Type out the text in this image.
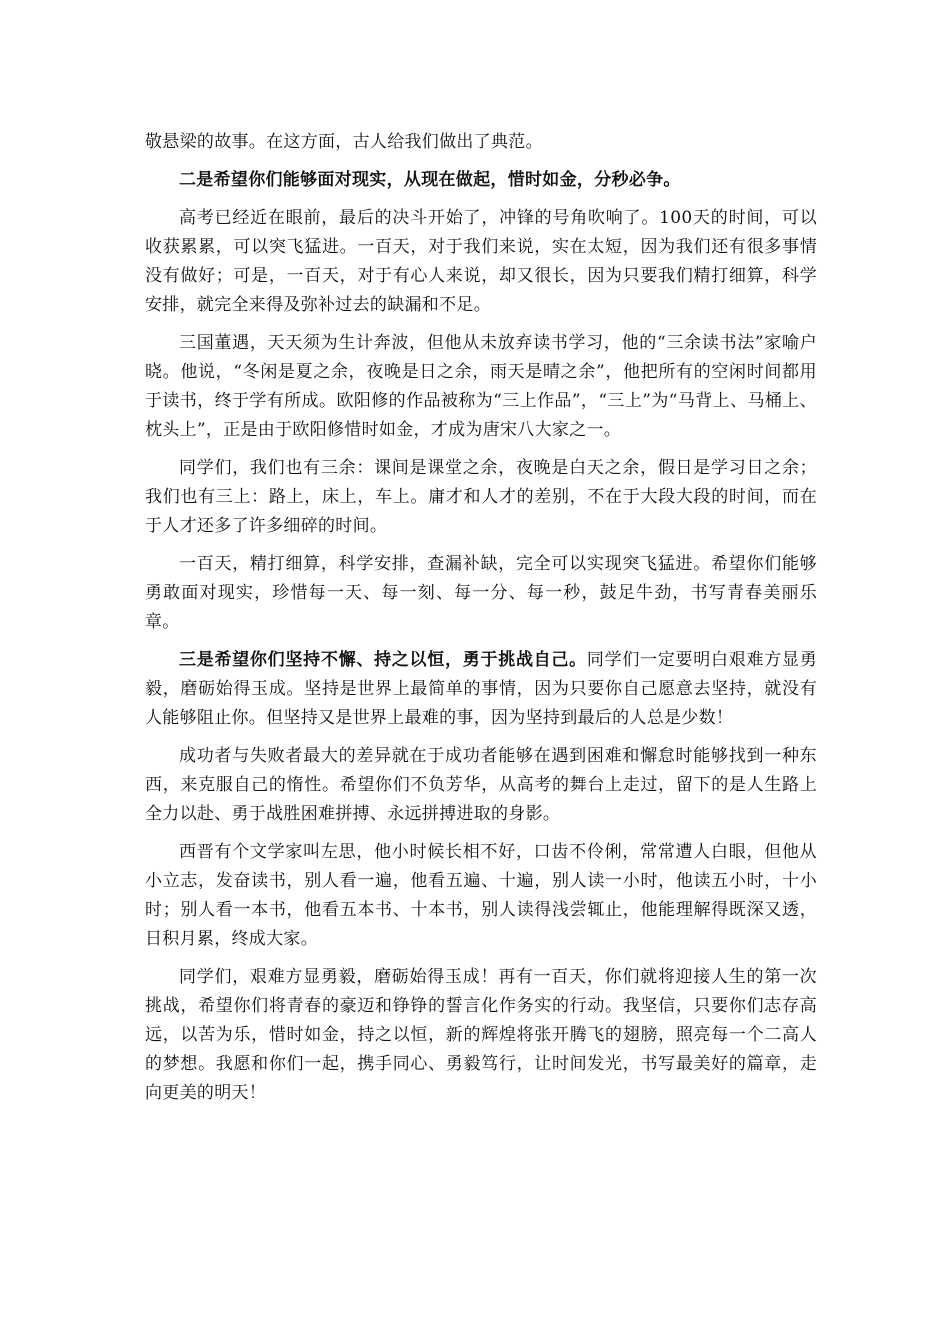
敬悬梁的故事。在这方面，古人给我们做出了典范。

二是希望你们能够面对现实，从现在做起，惜时如金，分秒必争。

高考已经近在眼前，最后的决斗开始了，冲锋的号角吹响了。100天的时间，可以收获累累，可以突飞猛进。一百天，对于我们来说，实在太短，因为我们还有很多事情没有做好；可是，一百天，对于有心人来说，却又很长，因为只要我们精打细算，科学安排，就完全来得及弥补过去的缺漏和不足。

三国董遇，天天须为生计奔波，但他从未放弃读书学习，他的“三余读书法”家喻户晓。他说，“冬闲是夏之余，夜晚是日之余，雨天是晴之余”，他把所有的空闲时间都用于读书，终于学有所成。欧阳修的作品被称为“三上作品”，“三上”为“马背上、马桶上、枕头上”，正是由于欧阳修惜时如金，才成为唐宋八大家之一。

同学们，我们也有三余：课间是课堂之余，夜晚是白天之余，假日是学习日之余；我们也有三上：路上，床上，车上。庸才和人才的差别，不在于大段大段的时间，而在于人才还多了许多细碎的时间。

一百天，精打细算，科学安排，查漏补缺，完全可以实现突飞猛进。希望你们能够勇敢面对现实，珍惜每一天、每一刻、每一分、每一秒，鼓足牛劲，书写青春美丽乐章。

三是希望你们坚持不懈、持之以恒，勇于挑战自己。同学们一定要明白艰难方显勇毅，磨砺始得玉成。坚持是世界上最简单的事情，因为只要你自己愿意去坚持，就没有人能够阻止你。但坚持又是世界上最难的事，因为坚持到最后的人总是少数！

成功者与失败者最大的差异就在于成功者能够在遇到困难和懈怠时能够找到一种东西，来克服自己的惰性。希望你们不负芳华，从高考的舞台上走过，留下的是人生路上全力以赴、勇于战胜困难拼搏、永远拼搏进取的身影。

西晋有个文学家叫左思，他小时候长相不好，口齿不伶俐，常常遭人白眼，但他从小立志，发奋读书，别人看一遍，他看五遍、十遍，别人读一小时，他读五小时，十小时；别人看一本书，他看五本书、十本书，别人读得浅尝辄止，他能理解得既深又透，日积月累，终成大家。

同学们，艰难方显勇毅，磨砺始得玉成！再有一百天，你们就将迎接人生的第一次挑战，希望你们将青春的豪迈和铮铮的誓言化作务实的行动。我坚信，只要你们志存高远，以苦为乐，惜时如金，持之以恒，新的辉煌将张开腾飞的翅膀，照亮每一个二高人的梦想。我愿和你们一起，携手同心、勇毅笃行，让时间发光，书写最美好的篇章，走向更美的明天！
